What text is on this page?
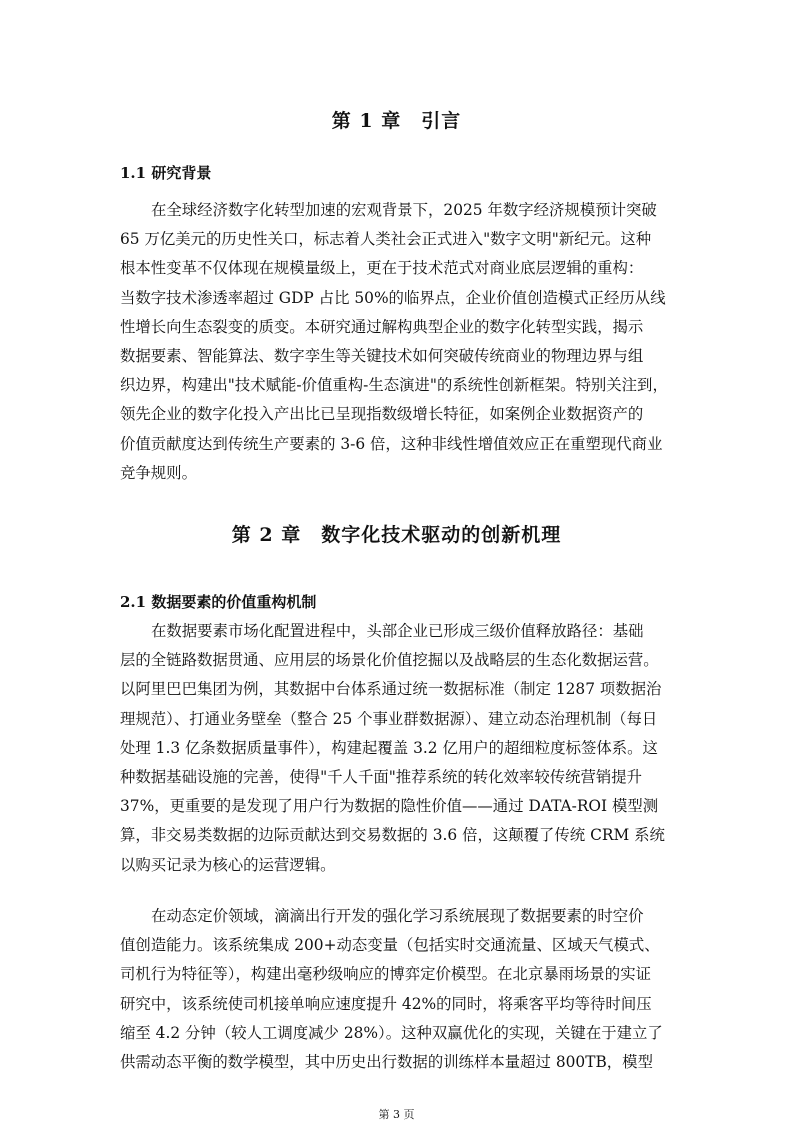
第 1 章　引言
1.1 研究背景
在全球经济数字化转型加速的宏观背景下，2025 年数字经济规模预计突破
65 万亿美元的历史性关口，标志着人类社会正式进入"数字文明"新纪元。这种
根本性变革不仅体现在规模量级上，更在于技术范式对商业底层逻辑的重构：
当数字技术渗透率超过 GDP 占比 50%的临界点，企业价值创造模式正经历从线
性增长向生态裂变的质变。本研究通过解构典型企业的数字化转型实践，揭示
数据要素、智能算法、数字孪生等关键技术如何突破传统商业的物理边界与组
织边界，构建出"技术赋能-价值重构-生态演进"的系统性创新框架。特别关注到，
领先企业的数字化投入产出比已呈现指数级增长特征，如案例企业数据资产的
价值贡献度达到传统生产要素的 3-6 倍，这种非线性增值效应正在重塑现代商业
竞争规则。
第 2 章　数字化技术驱动的创新机理
2.1 数据要素的价值重构机制
在数据要素市场化配置进程中，头部企业已形成三级价值释放路径：基础
层的全链路数据贯通、应用层的场景化价值挖掘以及战略层的生态化数据运营。
以阿里巴巴集团为例，其数据中台体系通过统一数据标准（制定 1287 项数据治
理规范）、打通业务壁垒（整合 25 个事业群数据源）、建立动态治理机制（每日
处理 1.3 亿条数据质量事件），构建起覆盖 3.2 亿用户的超细粒度标签体系。这
种数据基础设施的完善，使得"千人千面"推荐系统的转化效率较传统营销提升
37%，更重要的是发现了用户行为数据的隐性价值——通过 DATA-ROI 模型测
算，非交易类数据的边际贡献达到交易数据的 3.6 倍，这颠覆了传统 CRM 系统
以购买记录为核心的运营逻辑。
在动态定价领域，滴滴出行开发的强化学习系统展现了数据要素的时空价
值创造能力。该系统集成 200+动态变量（包括实时交通流量、区域天气模式、
司机行为特征等），构建出毫秒级响应的博弈定价模型。在北京暴雨场景的实证
研究中，该系统使司机接单响应速度提升 42%的同时，将乘客平均等待时间压
缩至 4.2 分钟（较人工调度减少 28%）。这种双赢优化的实现，关键在于建立了
供需动态平衡的数学模型，其中历史出行数据的训练样本量超过 800TB，模型
第 3 页
